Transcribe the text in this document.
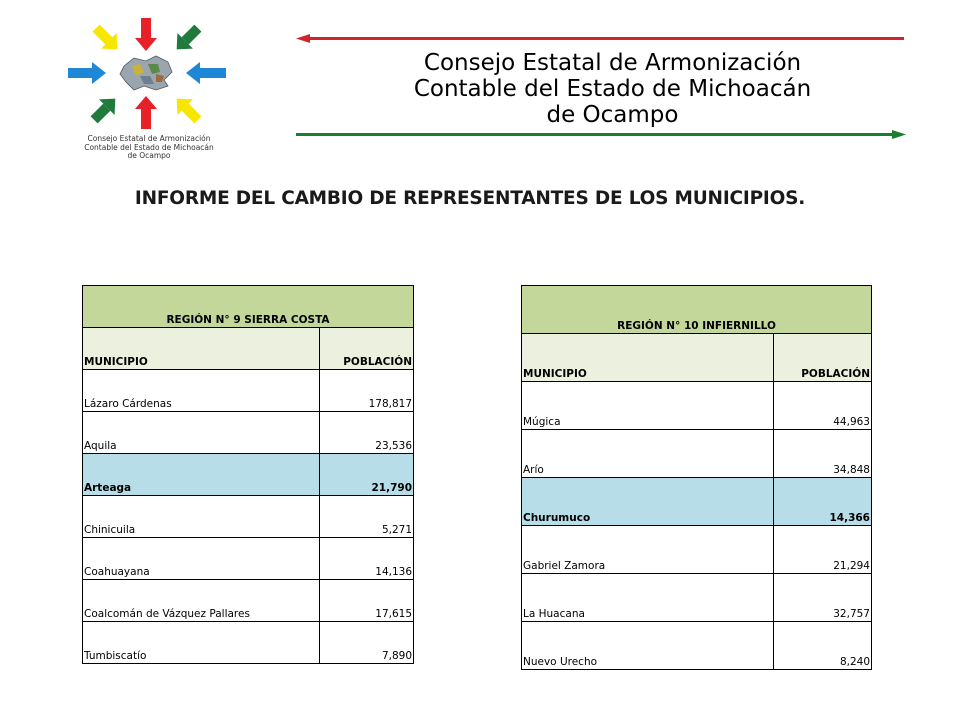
Consejo Estatal de Armonización
Contable del Estado de Michoacán
de Ocampo
Consejo Estatal de Armonización
Contable del Estado de Michoacán
de Ocampo
INFORME DEL CAMBIO DE REPRESENTANTES DE LOS MUNICIPIOS.
REGIÓN N° 9 SIERRA COSTA	
MUNICIPIO	POBLACIÓN
Lázaro Cárdenas	178,817
Aquila	23,536
Arteaga	21,790
Chinicuila	5,271
Coahuayana	14,136
Coalcomán de Vázquez Pallares	17,615
Tumbiscatío	7,890
REGIÓN N° 10 INFIERNILLO	
MUNICIPIO	POBLACIÓN
Múgica	44,963
Arío	34,848
Churumuco	14,366
Gabriel Zamora	21,294
La Huacana	32,757
Nuevo Urecho	8,240
